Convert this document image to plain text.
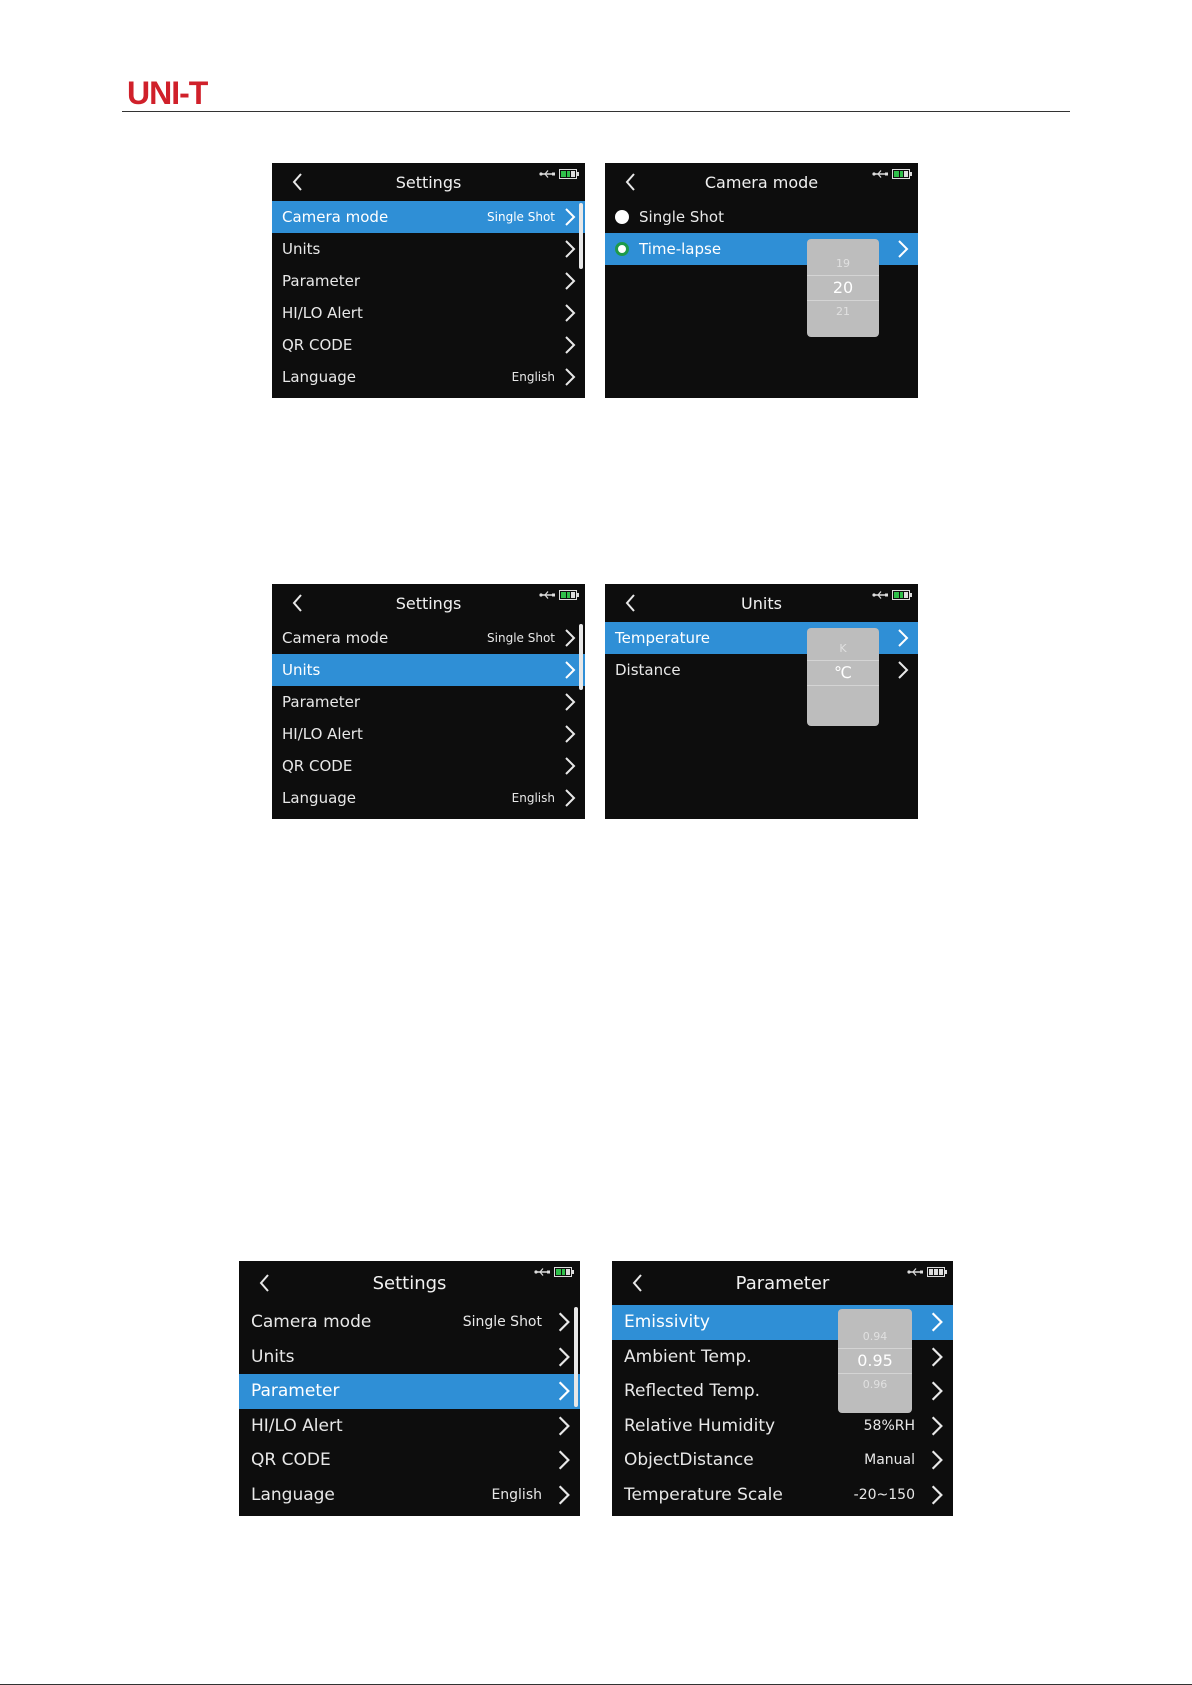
UNI-T
Settings
Camera mode	Single Shot
Units
Parameter
HI/LO Alert
QR CODE
Language	English
Camera mode
Single Shot
Time-lapse
19
20
21
Settings
Camera mode	Single Shot
Units
Parameter
HI/LO Alert
QR CODE
Language	English
Units
Temperature
Distance
K
℃
Settings
Camera mode	Single Shot
Units
Parameter
HI/LO Alert
QR CODE
Language	English
Parameter
Emissivity
Ambient Temp.
Reflected Temp.
Relative Humidity	58%RH
ObjectDistance	Manual
Temperature Scale	-20~150
0.94
0.95
0.96
